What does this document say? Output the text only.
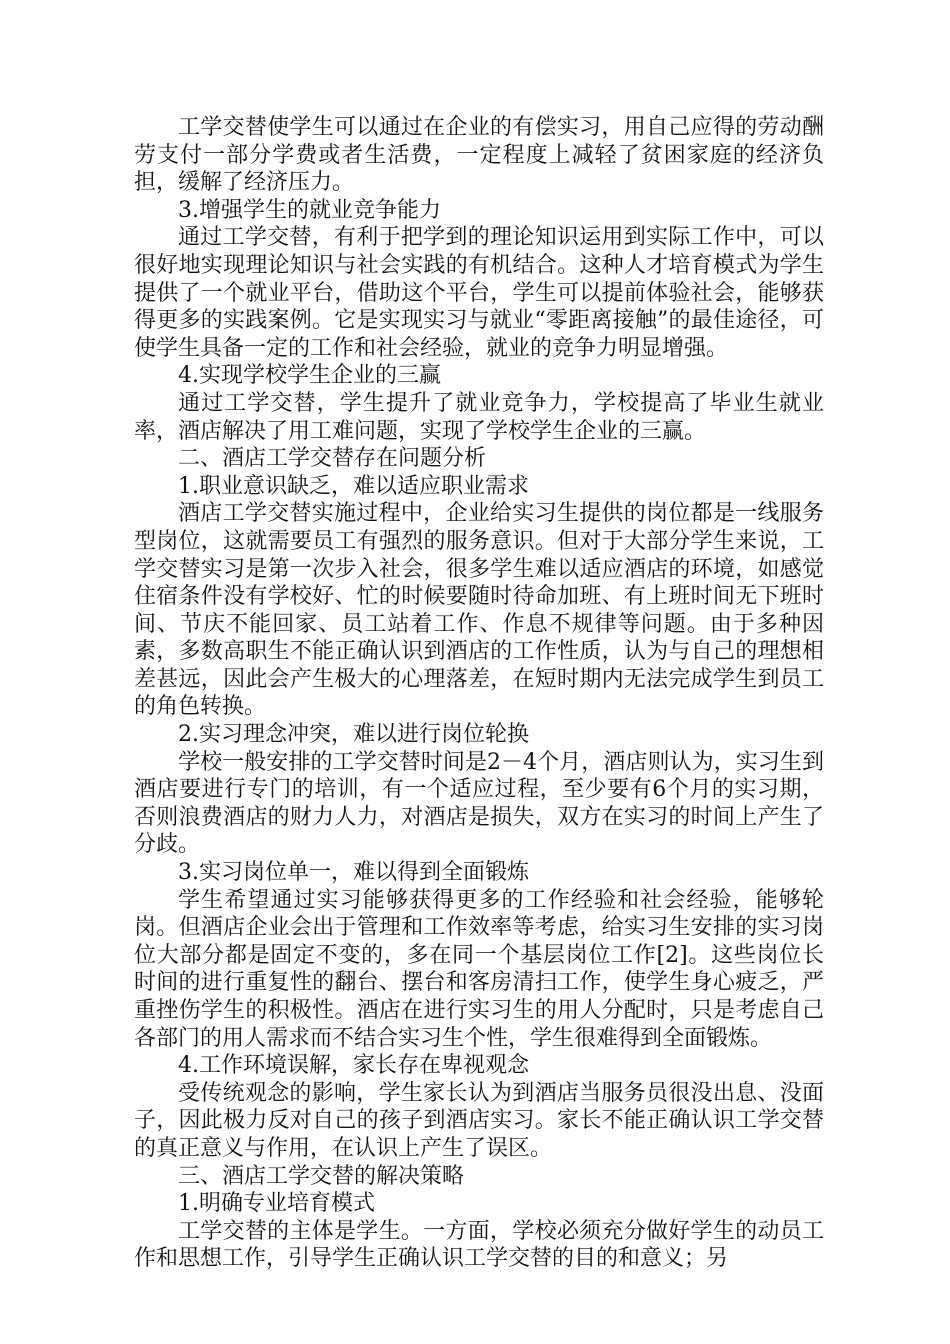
工学交替使学生可以通过在企业的有偿实习，用自己应得的劳动酬劳支付一部分学费或者生活费，一定程度上减轻了贫困家庭的经济负担，缓解了经济压力。

3.增强学生的就业竞争能力

通过工学交替，有利于把学到的理论知识运用到实际工作中，可以很好地实现理论知识与社会实践的有机结合。这种人才培育模式为学生提供了一个就业平台，借助这个平台，学生可以提前体验社会，能够获得更多的实践案例。它是实现实习与就业“零距离接触”的最佳途径，可使学生具备一定的工作和社会经验，就业的竞争力明显增强。

4.实现学校学生企业的三赢

通过工学交替，学生提升了就业竞争力，学校提高了毕业生就业率，酒店解决了用工难问题，实现了学校学生企业的三赢。

二、酒店工学交替存在问题分析

1.职业意识缺乏，难以适应职业需求

酒店工学交替实施过程中，企业给实习生提供的岗位都是一线服务型岗位，这就需要员工有强烈的服务意识。但对于大部分学生来说，工学交替实习是第一次步入社会，很多学生难以适应酒店的环境，如感觉住宿条件没有学校好、忙的时候要随时待命加班、有上班时间无下班时间、节庆不能回家、员工站着工作、作息不规律等问题。由于多种因素，多数高职生不能正确认识到酒店的工作性质，认为与自己的理想相差甚远，因此会产生极大的心理落差，在短时期内无法完成学生到员工的角色转换。

2.实习理念冲突，难以进行岗位轮换

学校一般安排的工学交替时间是2－4个月，酒店则认为，实习生到酒店要进行专门的培训，有一个适应过程，至少要有6个月的实习期，否则浪费酒店的财力人力，对酒店是损失，双方在实习的时间上产生了分歧。

3.实习岗位单一，难以得到全面锻炼

学生希望通过实习能够获得更多的工作经验和社会经验，能够轮岗。但酒店企业会出于管理和工作效率等考虑，给实习生安排的实习岗位大部分都是固定不变的，多在同一个基层岗位工作[2]。这些岗位长时间的进行重复性的翻台、摆台和客房清扫工作，使学生身心疲乏，严重挫伤学生的积极性。酒店在进行实习生的用人分配时，只是考虑自己各部门的用人需求而不结合实习生个性，学生很难得到全面锻炼。

4.工作环境误解，家长存在卑视观念

受传统观念的影响，学生家长认为到酒店当服务员很没出息、没面子，因此极力反对自己的孩子到酒店实习。家长不能正确认识工学交替的真正意义与作用，在认识上产生了误区。

三、酒店工学交替的解决策略

1.明确专业培育模式

工学交替的主体是学生。一方面，学校必须充分做好学生的动员工作和思想工作，引导学生正确认识工学交替的目的和意义；另
